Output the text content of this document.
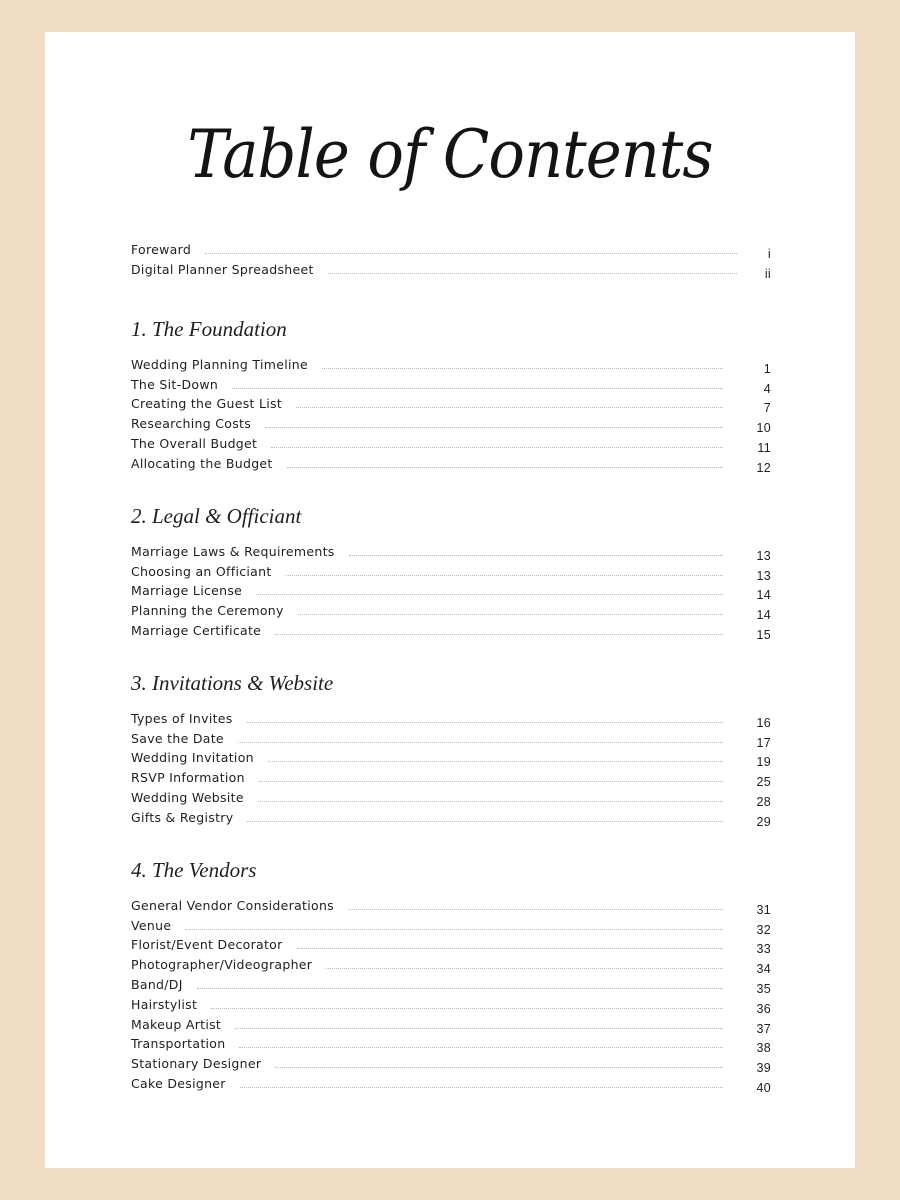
Table of Contents
Foreward	i
Digital Planner Spreadsheet	ii
1. The Foundation
Wedding Planning Timeline	1
The Sit-Down	4
Creating the Guest List	7
Researching Costs	10
The Overall Budget	11
Allocating the Budget	12
2. Legal & Officiant
Marriage Laws & Requirements	13
Choosing an Officiant	13
Marriage License	14
Planning the Ceremony	14
Marriage Certificate	15
3. Invitations & Website
Types of Invites	16
Save the Date	17
Wedding Invitation	19
RSVP Information	25
Wedding Website	28
Gifts & Registry	29
4. The Vendors
General Vendor Considerations	31
Venue	32
Florist/Event Decorator	33
Photographer/Videographer	34
Band/DJ	35
Hairstylist	36
Makeup Artist	37
Transportation	38
Stationary Designer	39
Cake Designer	40
